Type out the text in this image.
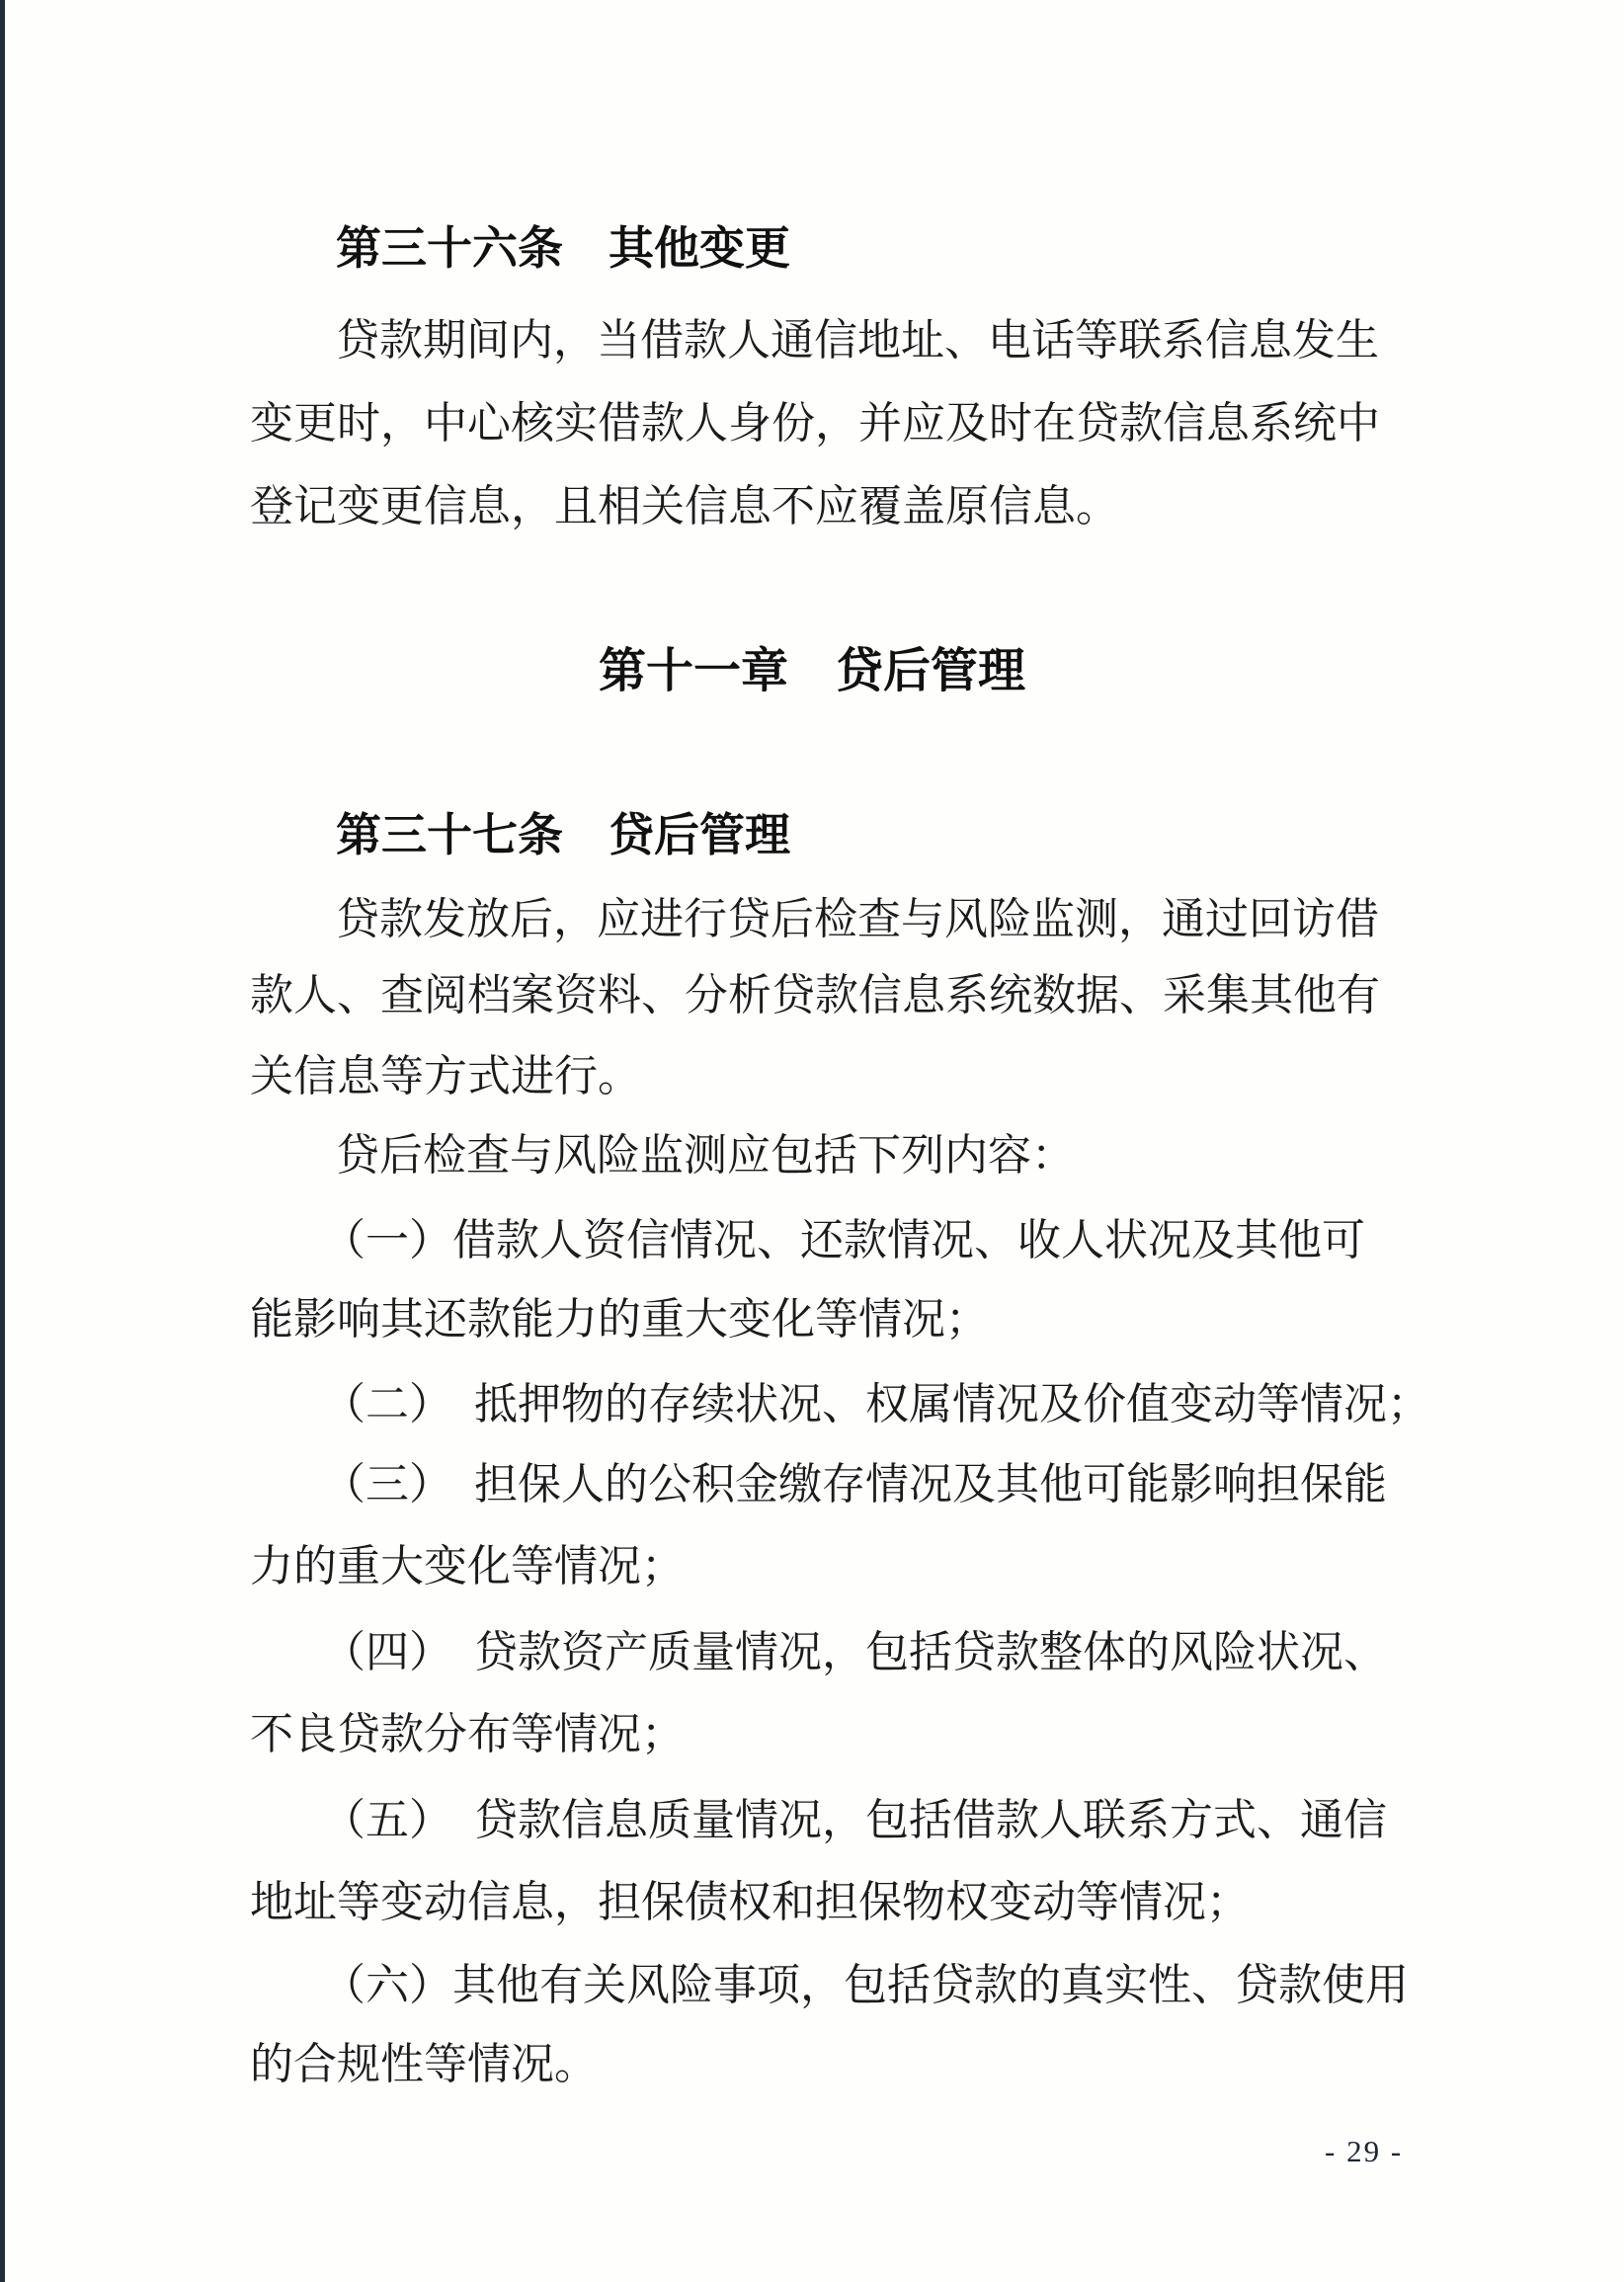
第三十六条　其他变更
贷款期间内，当借款人通信地址、电话等联系信息发生
变更时，中心核实借款人身份，并应及时在贷款信息系统中
登记变更信息，且相关信息不应覆盖原信息。
第十一章　贷后管理
第三十七条　贷后管理
贷款发放后，应进行贷后检查与风险监测，通过回访借
款人、查阅档案资料、分析贷款信息系统数据、采集其他有
关信息等方式进行。
贷后检查与风险监测应包括下列内容：
（一）借款人资信情况、还款情况、收人状况及其他可
能影响其还款能力的重大变化等情况；
（二）　抵押物的存续状况、权属情况及价值变动等情况；
（三）　担保人的公积金缴存情况及其他可能影响担保能
力的重大变化等情况；
（四）　贷款资产质量情况，包括贷款整体的风险状况、
不良贷款分布等情况；
（五）　贷款信息质量情况，包括借款人联系方式、通信
地址等变动信息，担保债权和担保物权变动等情况；
（六）其他有关风险事项，包括贷款的真实性、贷款使用
的合规性等情况。
- 29 -
